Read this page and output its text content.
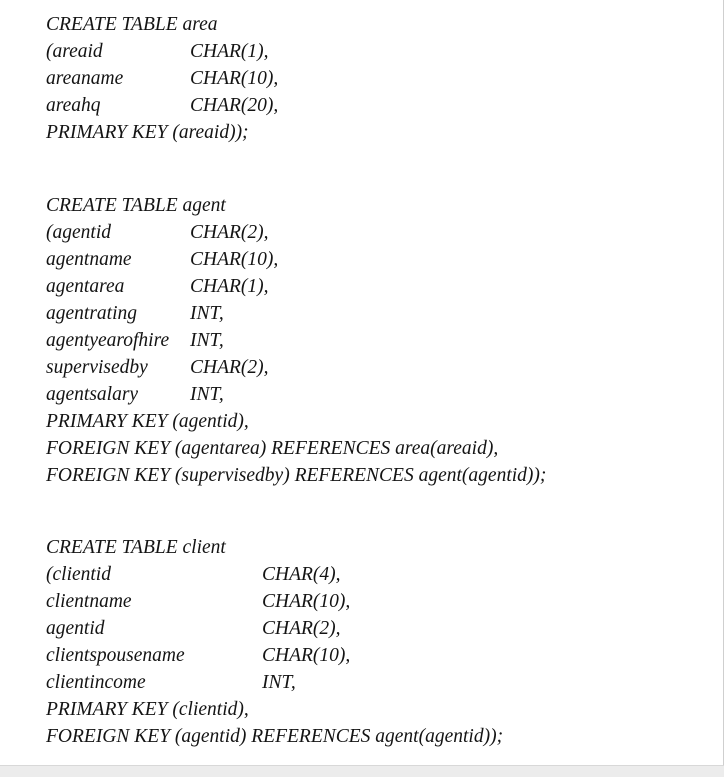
CREATE TABLE area
(areaid	CHAR(1),
areaname	CHAR(10),
areahq	CHAR(20),
PRIMARY KEY (areaid));
CREATE TABLE agent
(agentid	CHAR(2),
agentname	CHAR(10),
agentarea	CHAR(1),
agentrating	INT,
agentyearofhire	INT,
supervisedby	CHAR(2),
agentsalary	INT,
PRIMARY KEY (agentid),
FOREIGN KEY (agentarea) REFERENCES area(areaid),
FOREIGN KEY (supervisedby) REFERENCES agent(agentid));
CREATE TABLE client
(clientid	CHAR(4),
clientname	CHAR(10),
agentid	CHAR(2),
clientspousename	CHAR(10),
clientincome	INT,
PRIMARY KEY (clientid),
FOREIGN KEY (agentid) REFERENCES agent(agentid));
